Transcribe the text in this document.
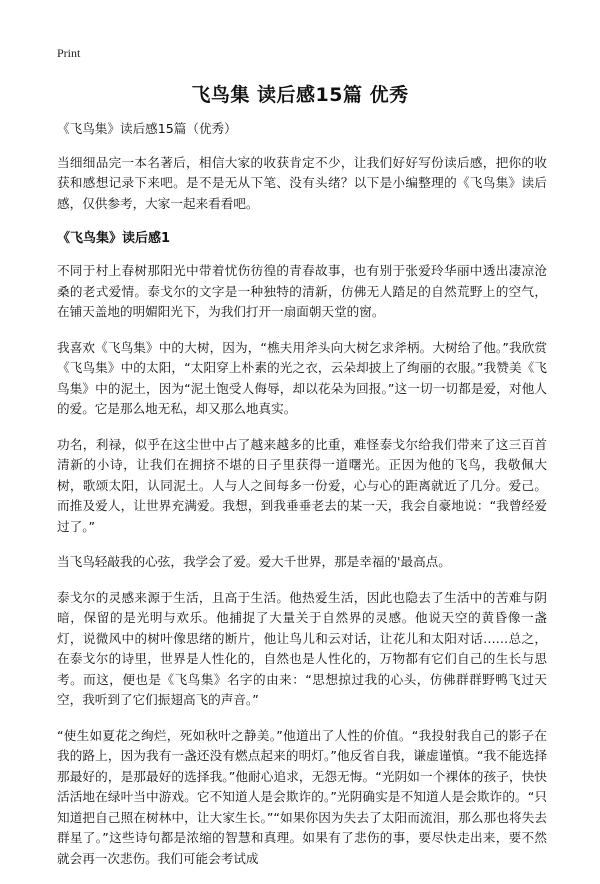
Print
飞鸟集 读后感15篇 优秀

《飞鸟集》读后感15篇（优秀）

当细细品完一本名著后，相信大家的收获肯定不少，让我们好好写份读后感，把你的收获和感想记录下来吧。是不是无从下笔、没有头绪？以下是小编整理的《飞鸟集》读后感，仅供参考，大家一起来看看吧。

《飞鸟集》读后感1

不同于村上春树那阳光中带着忧伤彷徨的青春故事，也有别于张爱玲华丽中透出凄凉沧桑的老式爱情。泰戈尔的文字是一种独特的清新，仿佛无人踏足的自然荒野上的空气，在铺天盖地的明媚阳光下，为我们打开一扇面朝天堂的窗。

我喜欢《飞鸟集》中的大树，因为，“樵夫用斧头向大树乞求斧柄。大树给了他。”我欣赏《飞鸟集》中的太阳，“太阳穿上朴素的光之衣，云朵却披上了绚丽的衣服。”我赞美《飞鸟集》中的泥土，因为“泥土饱受人侮辱，却以花朵为回报。”这一切一切都是爱，对他人的爱。它是那么地无私，却又那么地真实。

功名，利禄，似乎在这尘世中占了越来越多的比重，难怪泰戈尔给我们带来了这三百首清新的小诗，让我们在拥挤不堪的日子里获得一道曙光。正因为他的飞鸟，我敬佩大树，歌颂太阳，认同泥土。人与人之间每多一份爱，心与心的距离就近了几分。爱己。而推及爱人，让世界充满爱。我想，到我垂垂老去的某一天，我会自豪地说：“我曾经爱过了。”

当飞鸟轻敲我的心弦，我学会了爱。爱大千世界，那是幸福的'最高点。

泰戈尔的灵感来源于生活，且高于生活。他热爱生活，因此也隐去了生活中的苦难与阴暗，保留的是光明与欢乐。他捕捉了大量关于自然界的灵感。他说天空的黄昏像一盏灯，说微风中的树叶像思绪的断片，他让鸟儿和云对话，让花儿和太阳对话……总之，在泰戈尔的诗里，世界是人性化的，自然也是人性化的，万物都有它们自己的生长与思考。而这，便也是《飞鸟集》名字的由来：“思想掠过我的心头，仿佛群群野鸭飞过天空，我听到了它们振翅高飞的声音。”

“使生如夏花之绚烂，死如秋叶之静美。”他道出了人性的价值。“我投射我自己的影子在我的路上，因为我有一盏还没有燃点起来的明灯。”他反省自我，谦虚谨慎。“我不能选择那最好的，是那最好的选择我。”他耐心追求，无怨无悔。“光阴如一个裸体的孩子，快快活活地在绿叶当中游戏。它不知道人是会欺诈的。”光阴确实是不知道人是会欺诈的。“只知道把自己照在树林中，让大家生长。”“如果你因为失去了太阳而流泪，那么那也将失去群星了。”这些诗句都是浓缩的智慧和真理。如果有了悲伤的事，要尽快走出来，要不然就会再一次悲伤。我们可能会考试成
